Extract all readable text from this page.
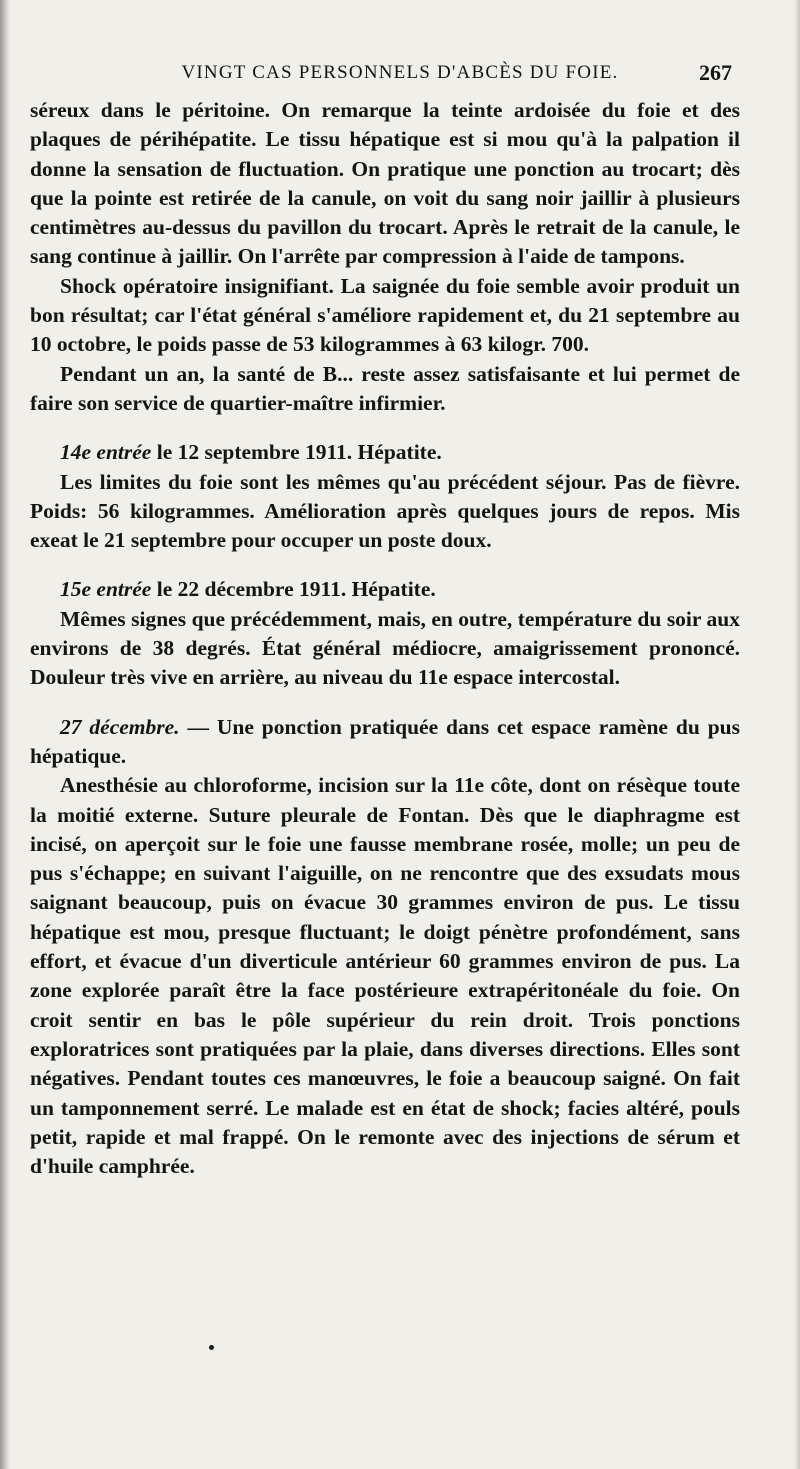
VINGT CAS PERSONNELS D'ABCÈS DU FOIE.	267

séreux dans le péritoine. On remarque la teinte ardoisée du foie et des plaques de périhépatite. Le tissu hépatique est si mou qu'à la palpation il donne la sensation de fluctuation. On pratique une ponction au trocart; dès que la pointe est retirée de la canule, on voit du sang noir jaillir à plusieurs centimètres au-dessus du pavillon du trocart. Après le retrait de la canule, le sang continue à jaillir. On l'arrête par compression à l'aide de tampons.

Shock opératoire insignifiant. La saignée du foie semble avoir produit un bon résultat; car l'état général s'améliore rapidement et, du 21 septembre au 10 octobre, le poids passe de 53 kilogrammes à 63 kilogr. 700.

Pendant un an, la santé de B... reste assez satisfaisante et lui permet de faire son service de quartier-maître infirmier.

14e entrée le 12 septembre 1911. Hépatite.

Les limites du foie sont les mêmes qu'au précédent séjour. Pas de fièvre. Poids: 56 kilogrammes. Amélioration après quelques jours de repos. Mis exeat le 21 septembre pour occuper un poste doux.

15e entrée le 22 décembre 1911. Hépatite.

Mêmes signes que précédemment, mais, en outre, température du soir aux environs de 38 degrés. État général médiocre, amaigrissement prononcé. Douleur très vive en arrière, au niveau du 11e espace intercostal.

27 décembre. — Une ponction pratiquée dans cet espace ramène du pus hépatique.

Anesthésie au chloroforme, incision sur la 11e côte, dont on résèque toute la moitié externe. Suture pleurale de Fontan. Dès que le diaphragme est incisé, on aperçoit sur le foie une fausse membrane rosée, molle; un peu de pus s'échappe; en suivant l'aiguille, on ne rencontre que des exsudats mous saignant beaucoup, puis on évacue 30 grammes environ de pus. Le tissu hépatique est mou, presque fluctuant; le doigt pénètre profondément, sans effort, et évacue d'un diverticule antérieur 60 grammes environ de pus. La zone explorée paraît être la face postérieure extrapéritonéale du foie. On croit sentir en bas le pôle supérieur du rein droit. Trois ponctions exploratrices sont pratiquées par la plaie, dans diverses directions. Elles sont négatives. Pendant toutes ces manœuvres, le foie a beaucoup saigné. On fait un tamponnement serré. Le malade est en état de shock; facies altéré, pouls petit, rapide et mal frappé. On le remonte avec des injections de sérum et d'huile camphrée.
